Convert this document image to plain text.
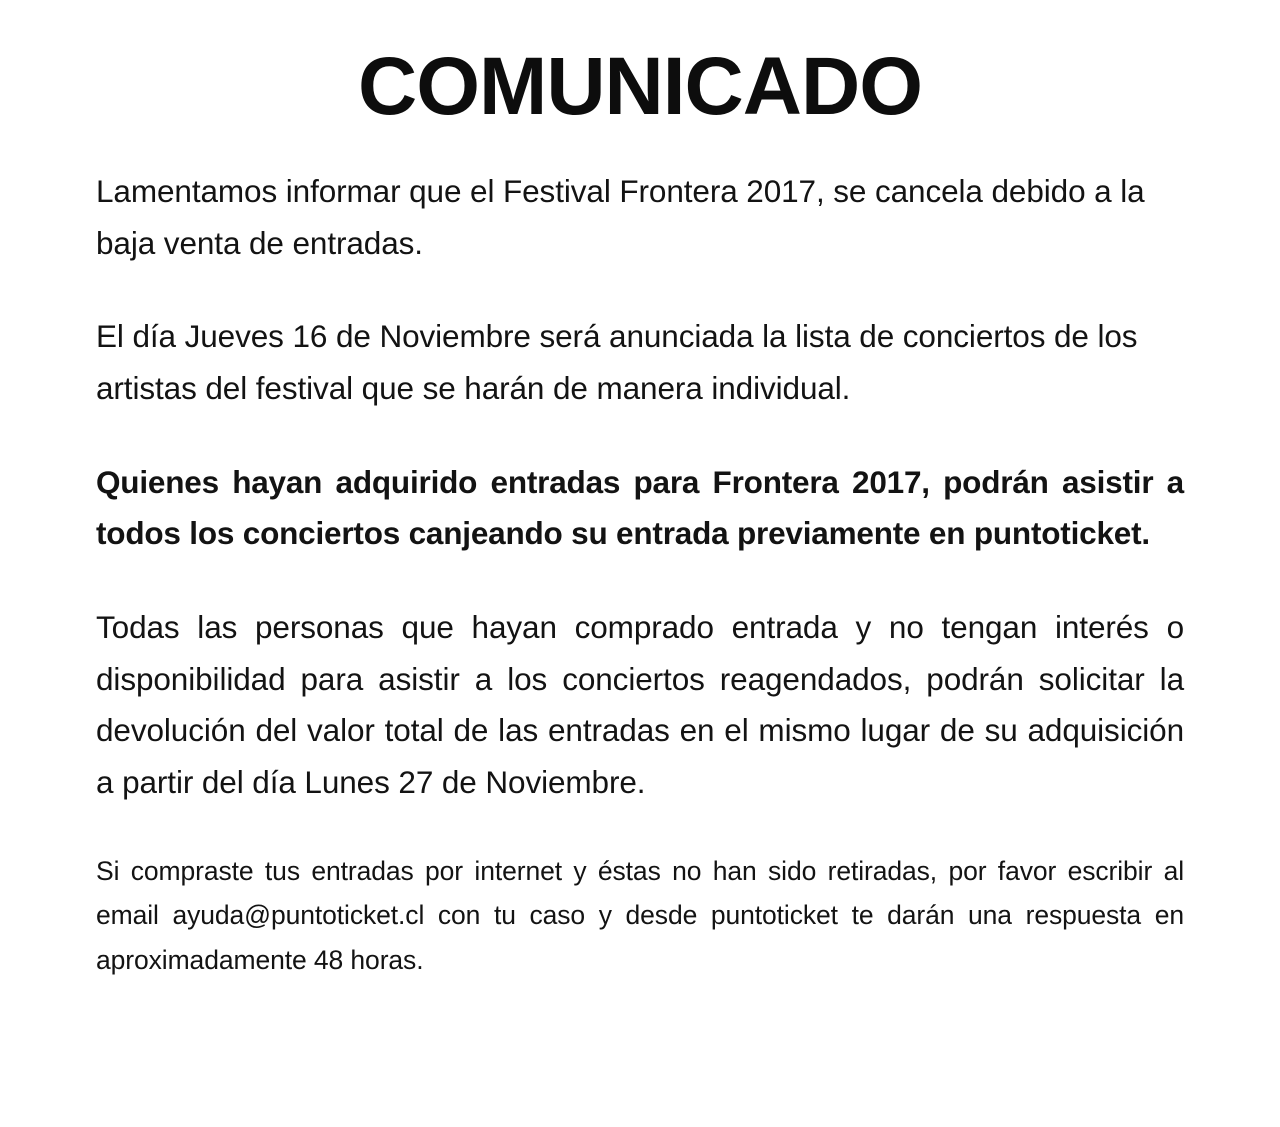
COMUNICADO

Lamentamos informar que el Festival Frontera 2017, se cancela debido a la baja venta de entradas.

El día Jueves 16 de Noviembre será anunciada la lista de conciertos de los artistas del festival que se harán de manera individual.

Quienes hayan adquirido entradas para Frontera 2017, podrán asistir a todos los conciertos canjeando su entrada previamente en puntoticket.

Todas las personas que hayan comprado entrada y no tengan interés o disponibilidad para asistir a los conciertos reagendados, podrán solicitar la devolución del valor total de las entradas en el mismo lugar de su adquisición a partir del día Lunes 27 de Noviembre.

Si compraste tus entradas por internet y éstas no han sido retiradas, por favor escribir al email ayuda@puntoticket.cl con tu caso y desde puntoticket te darán una respuesta en aproximadamente 48 horas.
